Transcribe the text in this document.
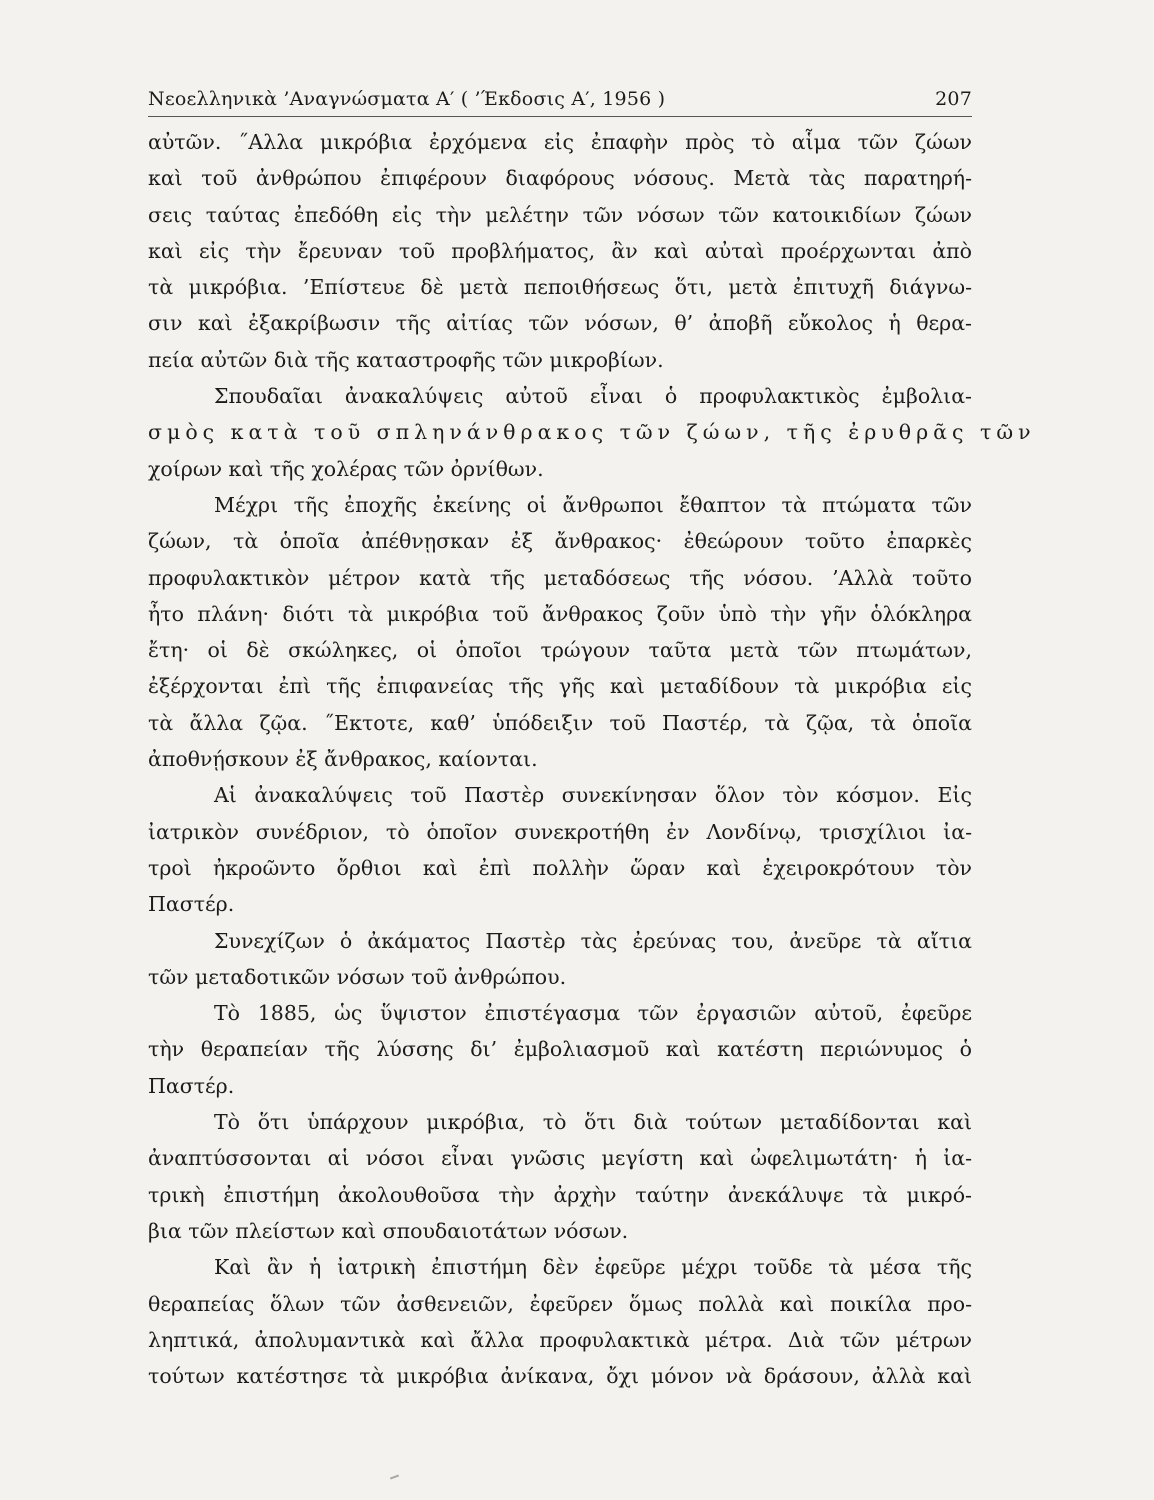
Νεοελληνικὰ ’Αναγνώσματα Α′ ( ’Έκδοσις Α′, 1956 )	207
αὐτῶν. ˝Αλλα μικρόβια ἐρχόμενα εἰς ἐπαφὴν πρὸς τὸ αἷμα τῶν ζώων
καὶ τοῦ ἀνθρώπου ἐπιφέρουν διαφόρους νόσους. Μετὰ τὰς παρατηρή-
σεις ταύτας ἐπεδόθη εἰς τὴν μελέτην τῶν νόσων τῶν κατοικιδίων ζώων
καὶ εἰς τὴν ἔρευναν τοῦ προβλήματος, ἂν καὶ αὐταὶ προέρχωνται ἀπὸ
τὰ μικρόβια. ’Επίστευε δὲ μετὰ πεποιθήσεως ὅτι, μετὰ ἐπιτυχῆ διάγνω-
σιν καὶ ἐξακρίβωσιν τῆς αἰτίας τῶν νόσων, θ’ ἀποβῆ εὔκολος ἡ θερα-
πεία αὐτῶν διὰ τῆς καταστροφῆς τῶν μικροβίων.
Σπουδαῖαι ἀνακαλύψεις αὐτοῦ εἶναι ὁ προφυλακτικὸς ἐμβολια-
σμὸς κατὰ τοῦ σπληνάνθρακος τῶν ζώων, τῆς ἐρυθρᾶς τῶν
χοίρων καὶ τῆς χολέρας τῶν ὀρνίθων.
Μέχρι τῆς ἐποχῆς ἐκείνης οἱ ἄνθρωποι ἔθαπτον τὰ πτώματα τῶν
ζώων, τὰ ὁποῖα ἀπέθνῃσκαν ἐξ ἄνθρακος· ἐθεώρουν τοῦτο ἐπαρκὲς
προφυλακτικὸν μέτρον κατὰ τῆς μεταδόσεως τῆς νόσου. ’Αλλὰ τοῦτο
ἦτο πλάνη· διότι τὰ μικρόβια τοῦ ἄνθρακος ζοῦν ὑπὸ τὴν γῆν ὁλόκληρα
ἔτη· οἱ δὲ σκώληκες, οἱ ὁποῖοι τρώγουν ταῦτα μετὰ τῶν πτωμάτων,
ἐξέρχονται ἐπὶ τῆς ἐπιφανείας τῆς γῆς καὶ μεταδίδουν τὰ μικρόβια εἰς
τὰ ἄλλα ζῷα. ˝Εκτοτε, καθ’ ὑπόδειξιν τοῦ Παστέρ, τὰ ζῷα, τὰ ὁποῖα
ἀποθνῄσκουν ἐξ ἄνθρακος, καίονται.
Αἱ ἀνακαλύψεις τοῦ Παστὲρ συνεκίνησαν ὅλον τὸν κόσμον. Εἰς
ἰατρικὸν συνέδριον, τὸ ὁποῖον συνεκροτήθη ἐν Λονδίνῳ, τρισχίλιοι ἰα-
τροὶ ἠκροῶντο ὄρθιοι καὶ ἐπὶ πολλὴν ὥραν καὶ ἐχειροκρότουν τὸν
Παστέρ.
Συνεχίζων ὁ ἀκάματος Παστὲρ τὰς ἐρεύνας του, ἀνεῦρε τὰ αἴτια
τῶν μεταδοτικῶν νόσων τοῦ ἀνθρώπου.
Τὸ 1885, ὡς ὕψιστον ἐπιστέγασμα τῶν ἐργασιῶν αὐτοῦ, ἐφεῦρε
τὴν θεραπείαν τῆς λύσσης δι’ ἐμβολιασμοῦ καὶ κατέστη περιώνυμος ὁ
Παστέρ.
Τὸ ὅτι ὑπάρχουν μικρόβια, τὸ ὅτι διὰ τούτων μεταδίδονται καὶ
ἀναπτύσσονται αἱ νόσοι εἶναι γνῶσις μεγίστη καὶ ὠφελιμωτάτη· ἡ ἰα-
τρικὴ ἐπιστήμη ἀκολουθοῦσα τὴν ἀρχὴν ταύτην ἀνεκάλυψε τὰ μικρό-
βια τῶν πλείστων καὶ σπουδαιοτάτων νόσων.
Καὶ ἂν ἡ ἰατρικὴ ἐπιστήμη δὲν ἐφεῦρε μέχρι τοῦδε τὰ μέσα τῆς
θεραπείας ὅλων τῶν ἀσθενειῶν, ἐφεῦρεν ὅμως πολλὰ καὶ ποικίλα προ-
ληπτικά, ἀπολυμαντικὰ καὶ ἄλλα προφυλακτικὰ μέτρα. Διὰ τῶν μέτρων
τούτων κατέστησε τὰ μικρόβια ἀνίκανα, ὄχι μόνον νὰ δράσουν, ἀλλὰ καὶ
